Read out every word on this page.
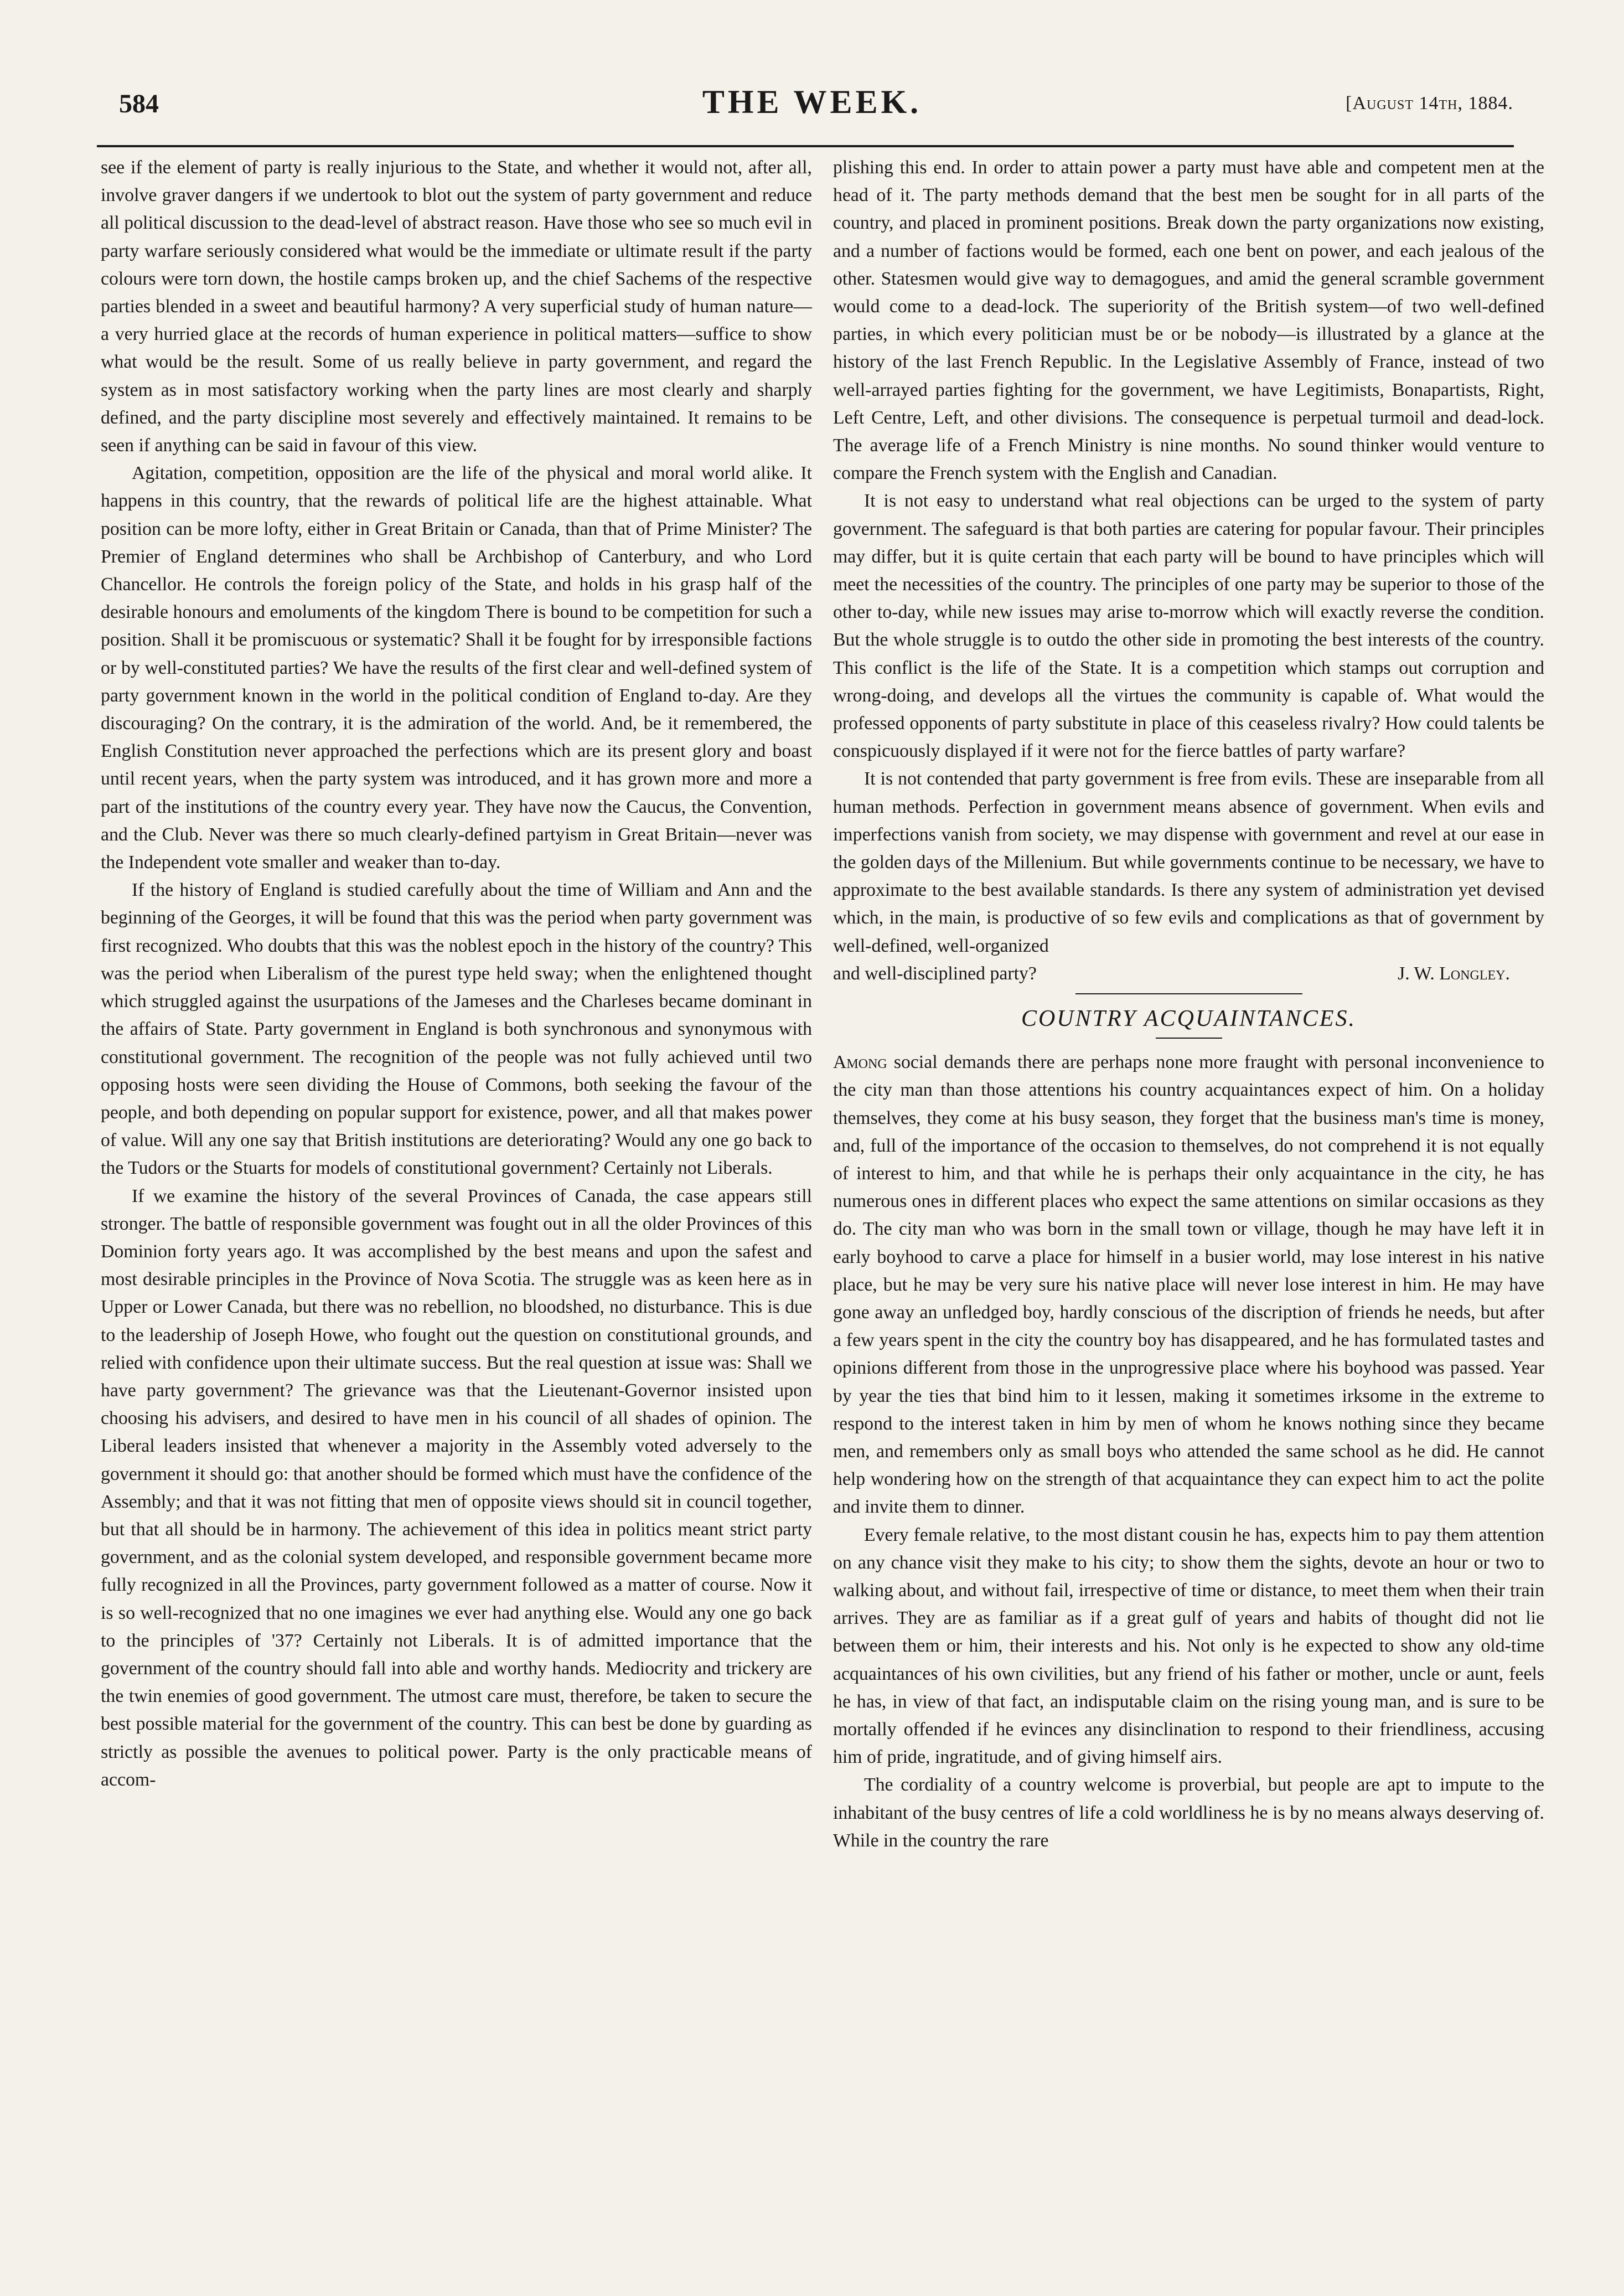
584	THE WEEK.	[August 14th, 1884.

see if the element of party is really injurious to the State, and whether it would not, after all, involve graver dangers if we undertook to blot out the system of party government and reduce all political discussion to the dead-level of abstract reason. Have those who see so much evil in party warfare seriously considered what would be the immediate or ultimate result if the party colours were torn down, the hostile camps broken up, and the chief Sachems of the respective parties blended in a sweet and beautiful harmony? A very superficial study of human nature—a very hurried glace at the records of human experience in political matters—suffice to show what would be the result. Some of us really believe in party government, and regard the system as in most satisfactory working when the party lines are most clearly and sharply defined, and the party discipline most severely and effectively maintained. It remains to be seen if anything can be said in favour of this view.

Agitation, competition, opposition are the life of the physical and moral world alike. It happens in this country, that the rewards of political life are the highest attainable. What position can be more lofty, either in Great Britain or Canada, than that of Prime Minister? The Premier of England determines who shall be Archbishop of Canterbury, and who Lord Chancellor. He controls the foreign policy of the State, and holds in his grasp half of the desirable honours and emoluments of the kingdom There is bound to be competition for such a position. Shall it be promiscuous or systematic? Shall it be fought for by irresponsible factions or by well-constituted parties? We have the results of the first clear and well-defined system of party government known in the world in the political condition of England to-day. Are they discouraging? On the contrary, it is the admiration of the world. And, be it remembered, the English Constitution never approached the perfections which are its present glory and boast until recent years, when the party system was introduced, and it has grown more and more a part of the institutions of the country every year. They have now the Caucus, the Convention, and the Club. Never was there so much clearly-defined partyism in Great Britain—never was the Independent vote smaller and weaker than to-day.

If the history of England is studied carefully about the time of William and Ann and the beginning of the Georges, it will be found that this was the period when party government was first recognized. Who doubts that this was the noblest epoch in the history of the country? This was the period when Liberalism of the purest type held sway; when the enlightened thought which struggled against the usurpations of the Jameses and the Charleses became dominant in the affairs of State. Party government in England is both synchronous and synonymous with constitutional government. The recognition of the people was not fully achieved until two opposing hosts were seen dividing the House of Commons, both seeking the favour of the people, and both depending on popular support for existence, power, and all that makes power of value. Will any one say that British institutions are deteriorating? Would any one go back to the Tudors or the Stuarts for models of constitutional government? Certainly not Liberals.

If we examine the history of the several Provinces of Canada, the case appears still stronger. The battle of responsible government was fought out in all the older Provinces of this Dominion forty years ago. It was accomplished by the best means and upon the safest and most desirable principles in the Province of Nova Scotia. The struggle was as keen here as in Upper or Lower Canada, but there was no rebellion, no bloodshed, no disturbance. This is due to the leadership of Joseph Howe, who fought out the question on constitutional grounds, and relied with confidence upon their ultimate success. But the real question at issue was: Shall we have party government? The grievance was that the Lieutenant-Governor insisted upon choosing his advisers, and desired to have men in his council of all shades of opinion. The Liberal leaders insisted that whenever a majority in the Assembly voted adversely to the government it should go: that another should be formed which must have the confidence of the Assembly; and that it was not fitting that men of opposite views should sit in council together, but that all should be in harmony. The achievement of this idea in politics meant strict party government, and as the colonial system developed, and responsible government became more fully recognized in all the Provinces, party government followed as a matter of course. Now it is so well-recognized that no one imagines we ever had anything else. Would any one go back to the principles of '37? Certainly not Liberals. It is of admitted importance that the government of the country should fall into able and worthy hands. Mediocrity and trickery are the twin enemies of good government. The utmost care must, therefore, be taken to secure the best possible material for the government of the country. This can best be done by guarding as strictly as possible the avenues to political power. Party is the only practicable means of accom-

plishing this end. In order to attain power a party must have able and competent men at the head of it. The party methods demand that the best men be sought for in all parts of the country, and placed in prominent positions. Break down the party organizations now existing, and a number of factions would be formed, each one bent on power, and each jealous of the other. Statesmen would give way to demagogues, and amid the general scramble government would come to a dead-lock. The superiority of the British system—of two well-defined parties, in which every politician must be or be nobody—is illustrated by a glance at the history of the last French Republic. In the Legislative Assembly of France, instead of two well-arrayed parties fighting for the government, we have Legitimists, Bonapartists, Right, Left Centre, Left, and other divisions. The consequence is perpetual turmoil and dead-lock. The average life of a French Ministry is nine months. No sound thinker would venture to compare the French system with the English and Canadian.

It is not easy to understand what real objections can be urged to the system of party government. The safeguard is that both parties are catering for popular favour. Their principles may differ, but it is quite certain that each party will be bound to have principles which will meet the necessities of the country. The principles of one party may be superior to those of the other to-day, while new issues may arise to-morrow which will exactly reverse the condition. But the whole struggle is to outdo the other side in promoting the best interests of the country. This conflict is the life of the State. It is a competition which stamps out corruption and wrong-doing, and develops all the virtues the community is capable of. What would the professed opponents of party substitute in place of this ceaseless rivalry? How could talents be conspicuously displayed if it were not for the fierce battles of party warfare?

It is not contended that party government is free from evils. These are inseparable from all human methods. Perfection in government means absence of government. When evils and imperfections vanish from society, we may dispense with government and revel at our ease in the golden days of the Millenium. But while governments continue to be necessary, we have to approximate to the best available standards. Is there any system of administration yet devised which, in the main, is productive of so few evils and complications as that of government by well-defined, well-organized

and well-disciplined party?	J. W. Longley.

COUNTRY ACQUAINTANCES.

Among social demands there are perhaps none more fraught with personal inconvenience to the city man than those attentions his country acquaintances expect of him. On a holiday themselves, they come at his busy season, they forget that the business man's time is money, and, full of the importance of the occasion to themselves, do not comprehend it is not equally of interest to him, and that while he is perhaps their only acquaintance in the city, he has numerous ones in different places who expect the same attentions on similar occasions as they do. The city man who was born in the small town or village, though he may have left it in early boyhood to carve a place for himself in a busier world, may lose interest in his native place, but he may be very sure his native place will never lose interest in him. He may have gone away an unfledged boy, hardly conscious of the discription of friends he needs, but after a few years spent in the city the country boy has disappeared, and he has formulated tastes and opinions different from those in the unprogressive place where his boyhood was passed. Year by year the ties that bind him to it lessen, making it sometimes irksome in the extreme to respond to the interest taken in him by men of whom he knows nothing since they became men, and remembers only as small boys who attended the same school as he did. He cannot help wondering how on the strength of that acquaintance they can expect him to act the polite and invite them to dinner.

Every female relative, to the most distant cousin he has, expects him to pay them attention on any chance visit they make to his city; to show them the sights, devote an hour or two to walking about, and without fail, irrespective of time or distance, to meet them when their train arrives. They are as familiar as if a great gulf of years and habits of thought did not lie between them or him, their interests and his. Not only is he expected to show any old-time acquaintances of his own civilities, but any friend of his father or mother, uncle or aunt, feels he has, in view of that fact, an indisputable claim on the rising young man, and is sure to be mortally offended if he evinces any disinclination to respond to their friendliness, accusing him of pride, ingratitude, and of giving himself airs.

The cordiality of a country welcome is proverbial, but people are apt to impute to the inhabitant of the busy centres of life a cold worldliness he is by no means always deserving of. While in the country the rare
